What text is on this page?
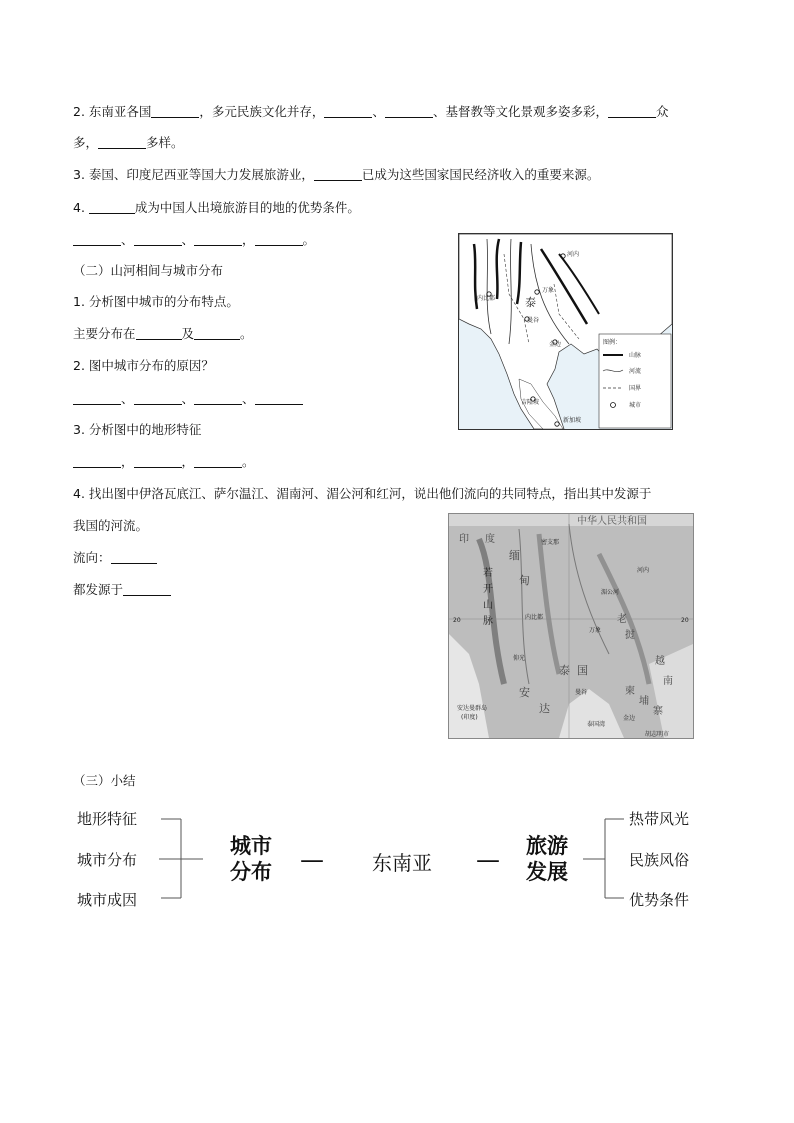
2. 东南亚各国	，多元民族文化并存，	、	、基督教等文化景观多姿多彩，	众
多，	多样。
3. 泰国、印度尼西亚等国大力发展旅游业，	已成为这些国家国民经济收入的重要来源。
4.	成为中国人出境旅游目的地的优势条件。
、	、	，	。
（二）山河相间与城市分布
1. 分析图中城市的分布特点。
主要分布在	及	。
2. 图中城市分布的原因？
、	、	、
3. 分析图中的地形特征
，	，	。
4. 找出图中伊洛瓦底江、萨尔温江、湄南河、湄公河和红河，说出他们流向的共同特点，指出其中发源于
我国的河流。
流向：
都发源于
万象
泰
曼谷
金边
内比都
吉隆坡
新加坡
河内
图例：
山脉
河流
国界
城市
中华人民共和国
印 度
缅
甸
若
开
山
脉	老
挝
泰 国
曼谷
万象
仰光
内比都
金边
柬
埔
寨
越
南
安达曼群岛
(印度)
20	20
密支那
河内
湄公河
泰国湾
安
达
胡志明市
（三）小结
地形特征
城市分布
城市成因
城市
分布 — 东南亚 — 旅游
发展
热带风光
民族风俗
优势条件
